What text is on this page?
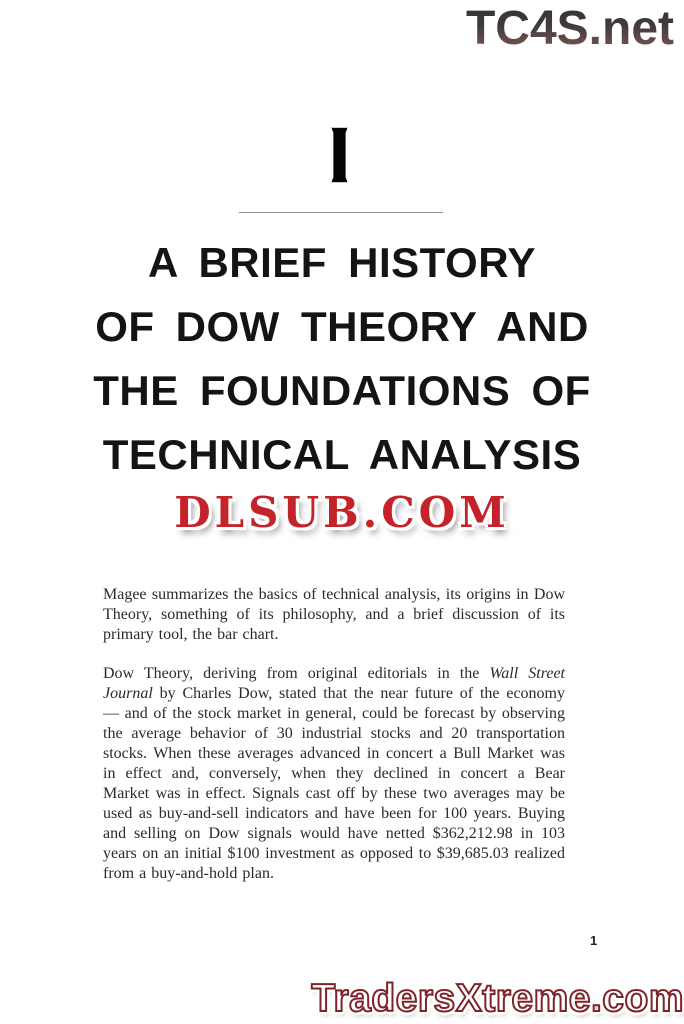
TC4S.net
A BRIEF HISTORY
OF DOW THEORY AND
THE FOUNDATIONS OF
TECHNICAL ANALYSIS
DLSUB.COM

Magee summarizes the basics of technical analysis, its origins in Dow Theory, something of its philosophy, and a brief discussion of its primary tool, the bar chart.

Dow Theory, deriving from original editorials in the Wall Street Journal by Charles Dow, stated that the near future of the economy — and of the stock market in general, could be forecast by observing the average behavior of 30 industrial stocks and 20 transportation stocks. When these averages advanced in concert a Bull Market was in effect and, conversely, when they declined in concert a Bear Market was in effect. Signals cast off by these two averages may be used as buy-and-sell indicators and have been for 100 years. Buying and selling on Dow signals would have netted $362,212.98 in 103 years on an initial $100 investment as opposed to $39,685.03 realized from a buy-and-hold plan.

1
TradersXtreme.com
